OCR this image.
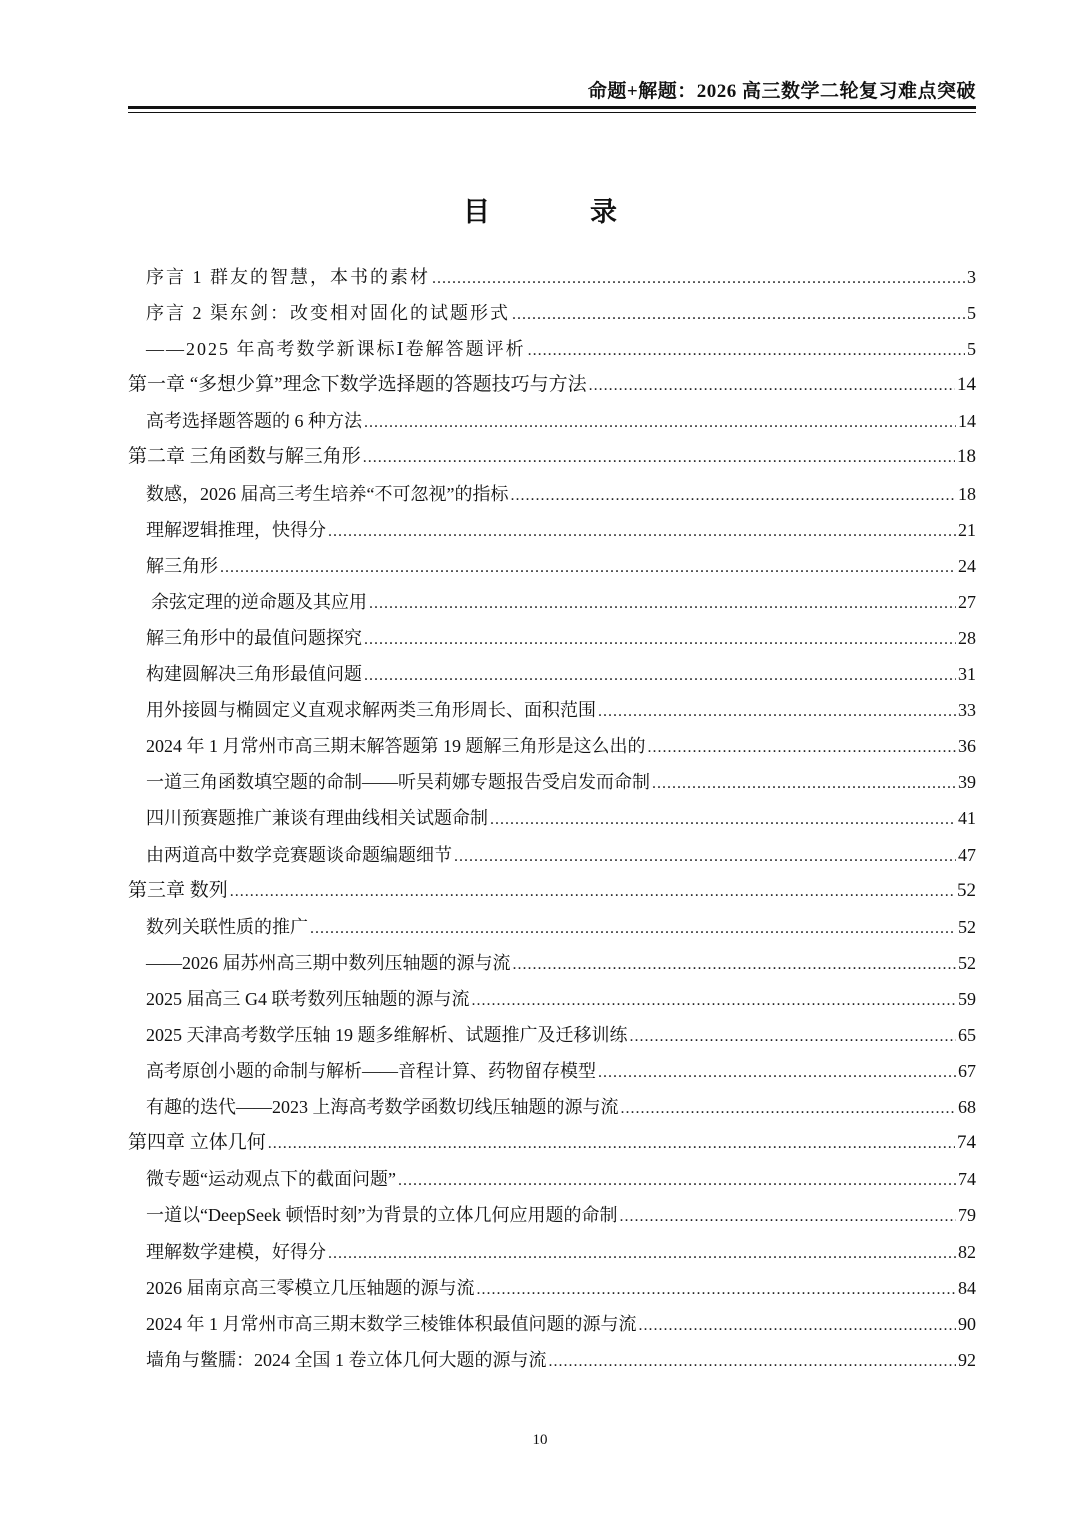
命题+解题：2026 高三数学二轮复习难点突破
目录
序言 1 群友的智慧，本书的素材 .....	3
序言 2 渠东剑：改变相对固化的试题形式 .....	5
——2025 年高考数学新课标Ⅰ卷解答题评析 .....	5
第一章 “多想少算”理念下数学选择题的答题技巧与方法 .....	14
高考选择题答题的 6 种方法 .....	14
第二章 三角函数与解三角形 .....	18
数感，2026 届高三考生培养“不可忽视”的指标 .....	18
理解逻辑推理，快得分 .....	21
解三角形 .....	24
余弦定理的逆命题及其应用 .....	27
解三角形中的最值问题探究 .....	28
构建圆解决三角形最值问题 .....	31
用外接圆与椭圆定义直观求解两类三角形周长、面积范围 .....	33
2024 年 1 月常州市高三期末解答题第 19 题解三角形是这么出的 .....	36
一道三角函数填空题的命制——听吴莉娜专题报告受启发而命制 .....	39
四川预赛题推广兼谈有理曲线相关试题命制 .....	41
由两道高中数学竞赛题谈命题编题细节 .....	47
第三章 数列 .....	52
数列关联性质的推广 .....	52
——2026 届苏州高三期中数列压轴题的源与流 .....	52
2025 届高三 G4 联考数列压轴题的源与流 .....	59
2025 天津高考数学压轴 19 题多维解析、试题推广及迁移训练 .....	65
高考原创小题的命制与解析——音程计算、药物留存模型 .....	67
有趣的迭代——2023 上海高考数学函数切线压轴题的源与流 .....	68
第四章 立体几何 .....	74
微专题“运动观点下的截面问题” .....	74
一道以“DeepSeek 顿悟时刻”为背景的立体几何应用题的命制 .....	79
理解数学建模，好得分 .....	82
2026 届南京高三零模立几压轴题的源与流 .....	84
2024 年 1 月常州市高三期末数学三棱锥体积最值问题的源与流 .....	90
墙角与鳖臑：2024 全国 1 卷立体几何大题的源与流 .....	92
10
